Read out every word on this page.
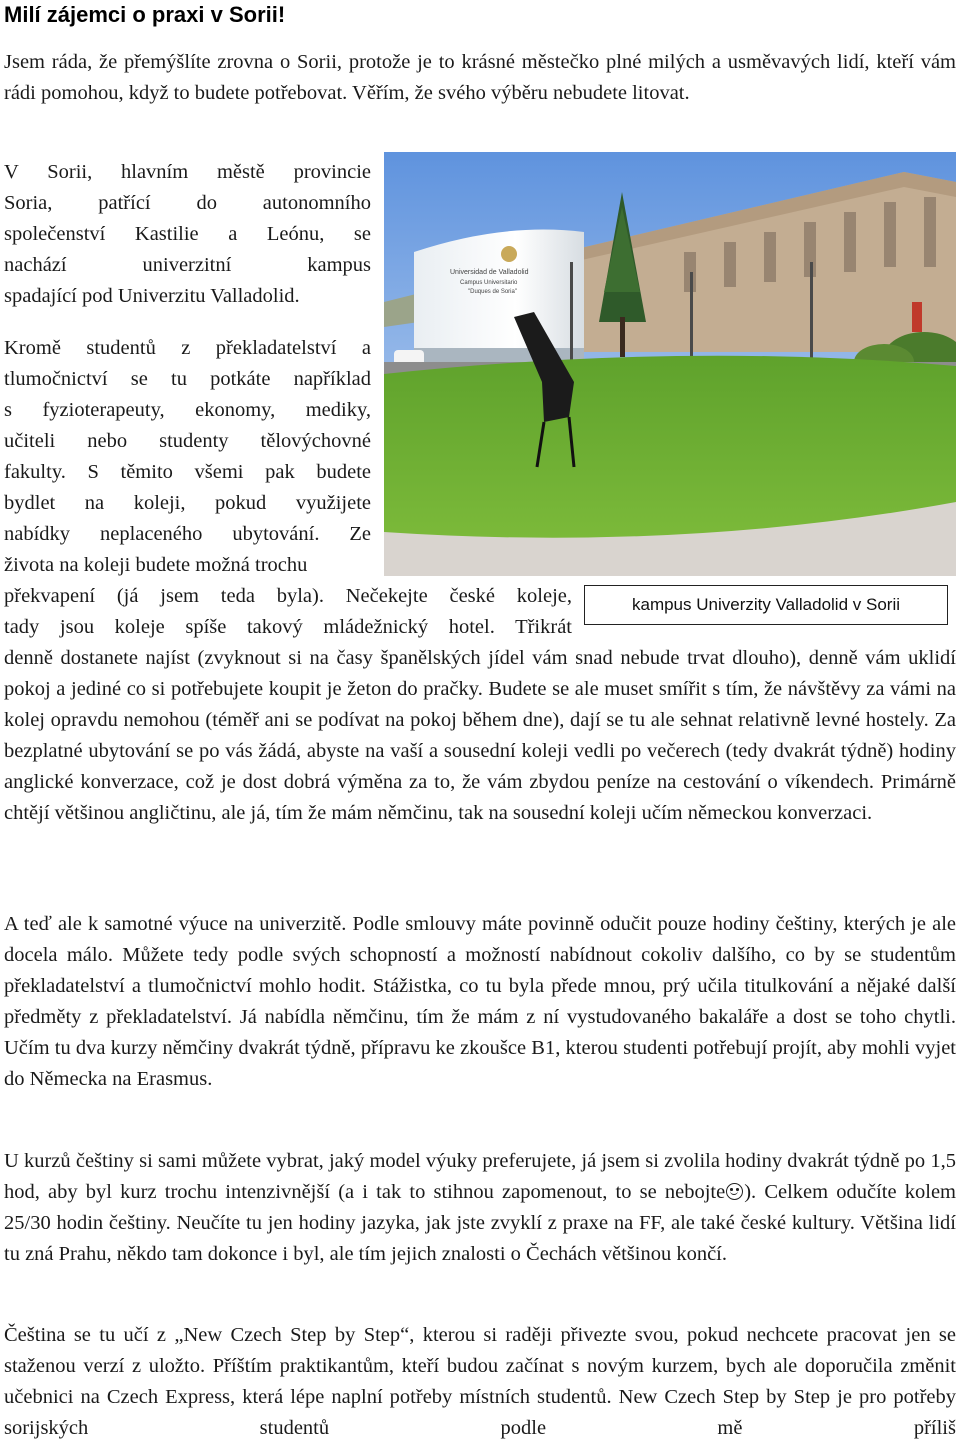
Milí zájemci o praxi v Sorii!

Jsem ráda, že přemýšlíte zrovna o Sorii, protože je to krásné městečko plné milých a usměvavých lidí, kteří vám rádi pomohou, když to budete potřebovat. Věřím, že svého výběru nebudete litovat.

V Sorii, hlavním městě provincie

Soria, patřící do autonomního

společenství Kastilie a Leónu, se

nachází univerzitní kampus

spadající pod Univerzitu Valladolid.

Kromě studentů z překladatelství a

tlumočnictví se tu potkáte například

s fyzioterapeuty, ekonomy, mediky,

učiteli nebo studenty tělovýchovné

fakulty. S těmito všemi pak budete

bydlet na koleji, pokud využijete

nabídky neplaceného ubytování. Ze

života na koleji budete možná trochu

překvapení (já jsem teda byla). Nečekejte české koleje,

tady jsou koleje spíše takový mládežnický hotel. Třikrát

denně dostanete najíst (zvyknout si na časy španělských jídel vám snad nebude trvat dlouho), denně vám uklidí pokoj a jediné co si potřebujete koupit je žeton do pračky. Budete se ale muset smířit s tím, že návštěvy za vámi na kolej opravdu nemohou (téměř ani se podívat na pokoj během dne), dají se tu ale sehnat relativně levné hostely. Za bezplatné ubytování se po vás žádá, abyste na vaší a sousední koleji vedli po večerech (tedy dvakrát týdně) hodiny anglické konverzace, což je dost dobrá výměna za to, že vám zbydou peníze na cestování o víkendech. Primárně chtějí většinou angličtinu, ale já, tím že mám němčinu, tak na sousední koleji učím německou konverzaci.

A teď ale k samotné výuce na univerzitě. Podle smlouvy máte povinně odučit pouze hodiny češtiny, kterých je ale docela málo. Můžete tedy podle svých schopností a možností nabídnout cokoliv dalšího, co by se studentům překladatelství a tlumočnictví mohlo hodit. Stážistka, co tu byla přede mnou, prý učila titulkování a nějaké další předměty z překladatelství. Já nabídla němčinu, tím že mám z ní vystudovaného bakaláře a dost se toho chytli. Učím tu dva kurzy němčiny dvakrát týdně, přípravu ke zkoušce B1, kterou studenti potřebují projít, aby mohli vyjet do Německa na Erasmus.

U kurzů češtiny si sami můžete vybrat, jaký model výuky preferujete, já jsem si zvolila hodiny dvakrát týdně po 1,5 hod, aby byl kurz trochu intenzivnější (a i tak to stihnou zapomenout, to se nebojte ). Celkem odučíte kolem 25/30 hodin češtiny. Neučíte tu jen hodiny jazyka, jak jste zvyklí z praxe na FF, ale také české kultury. Většina lidí tu zná Prahu, někdo tam dokonce i byl, ale tím jejich znalosti o Čechách většinou končí.

Čeština se tu učí z „New Czech Step by Step“, kterou si raději přivezte svou, pokud nechcete pracovat jen se staženou verzí z uložto. Příštím praktikantům, kteří budou začínat s novým kurzem, bych ale doporučila změnit učebnici na Czech Express, která lépe naplní potřeby místních studentů. New Czech Step by Step je pro potřeby sorijských studentů podle mě příliš

Universidad de Valladolid
Campus Universitario
"Duques de Soria"
kampus Univerzity Valladolid v Sorii
